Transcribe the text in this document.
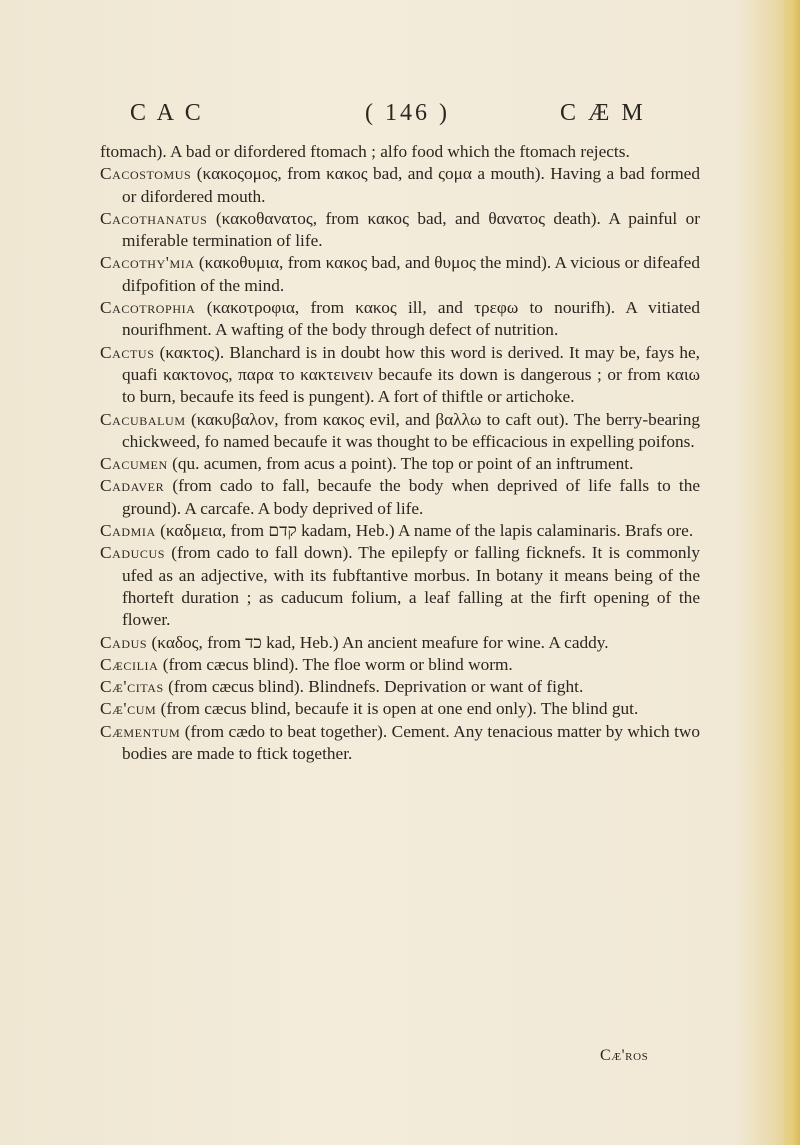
C A C	( 146 )	C Æ M

ftomach). A bad or difordered ftomach ; alfo food which the ftomach rejects.

Cacostomus (κακοςομος, from κακος bad, and ςομα a mouth). Having a bad formed or difordered mouth.

Cacothanatus (κακοθανατος, from κακος bad, and θανατος death). A painful or miferable termination of life.

Cacothy'mia (κακοθυμια, from κακος bad, and θυμος the mind). A vicious or difeafed difpofition of the mind.

Cacotrophia (κακοτροφια, from κακος ill, and τρεφω to nourifh). A vitiated nourifhment. A wafting of the body through defect of nutrition.

Cactus (κακτος). Blanchard is in doubt how this word is derived. It may be, fays he, quafi κακτονος, παρα το κακτεινειν becaufe its down is dangerous ; or from καιω to burn, becaufe its feed is pungent). A fort of thiftle or artichoke.

Cacubalum (κακυβαλον, from κακος evil, and βαλλω to caft out). The berry-bearing chickweed, fo named becaufe it was thought to be efficacious in expelling poifons.

Cacumen (qu. acumen, from acus a point). The top or point of an inftrument.

Cadaver (from cado to fall, becaufe the body when deprived of life falls to the ground). A carcafe. A body deprived of life.

Cadmia (καδμεια, from קדם kadam, Heb.) A name of the lapis calaminaris. Brafs ore.

Caducus (from cado to fall down). The epilepfy or falling ficknefs. It is commonly ufed as an adjective, with its fubftantive morbus. In botany it means being of the fhorteft duration ; as caducum folium, a leaf falling at the firft opening of the flower.

Cadus (καδος, from כד kad, Heb.) An ancient meafure for wine. A caddy.

Cæcilia (from cæcus blind). The floe worm or blind worm.

Cæ'citas (from cæcus blind). Blindnefs. Deprivation or want of fight.

Cæ'cum (from cæcus blind, becaufe it is open at one end only). The blind gut.

Cæmentum (from cædo to beat together). Cement. Any tenacious matter by which two bodies are made to ftick together.

Cæ'ros
